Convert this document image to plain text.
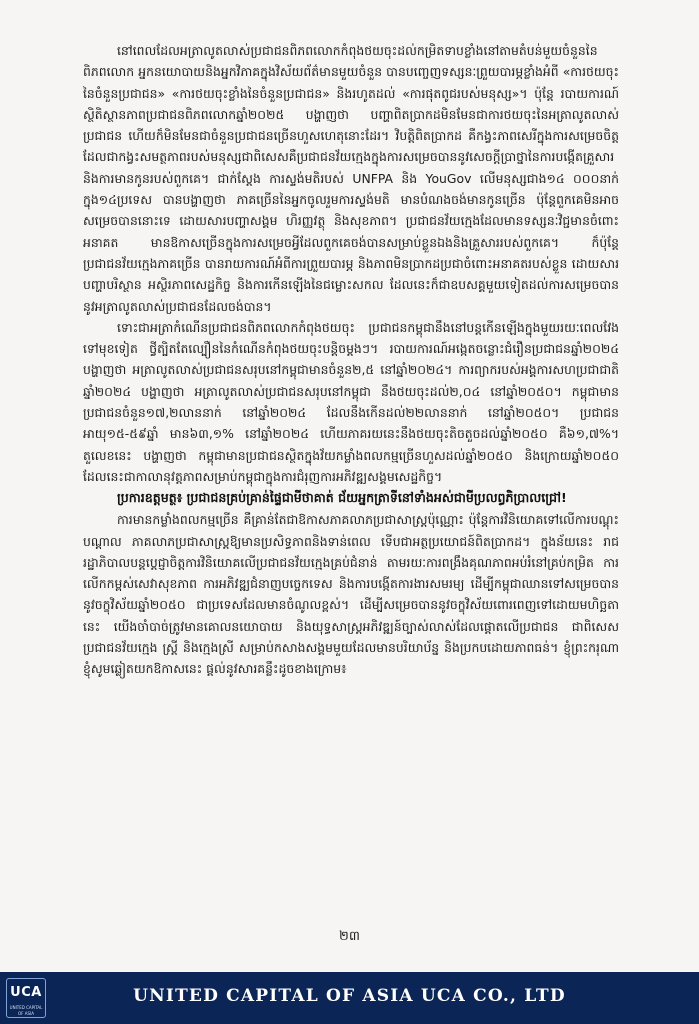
នៅពេលដែលអត្រាលូតលាស់ប្រជាជនពិភពលោកកំពុងថយចុះដល់កម្រិតទាបខ្លាំងនៅតាមតំបន់មួយចំនួននៃពិភពលោក អ្នកនយោបាយនិងអ្នកវិភាគក្នុងវិស័យព័ត៌មានមួយចំនួន បានបញ្ចេញទស្សនៈព្រួយបារម្ភខ្លាំងអំពី «ការថយចុះនៃចំនួនប្រជាជន» «ការថយចុះខ្លាំងនៃចំនួនប្រជាជន» និងរហូតដល់ «ការផុតពូជរបស់មនុស្ស»។ ប៉ុន្តែ របាយការណ៍ស្ថិតិស្ថានភាពប្រជាជនពិភពលោកឆ្នាំ២០២៥ បង្ហាញថា បញ្ហាពិតប្រាកដមិនមែនជាការថយចុះនៃអត្រាលូតលាស់ប្រជាជន ហើយក៏មិនមែនជាចំនួនប្រជាជនច្រើនហួសហេតុនោះដែរ។ វិបត្តិពិតប្រាកដ គឺកង្វះភាពសេរីក្នុងការសម្រេចចិត្ត ដែលជាកង្វះសមត្ថភាពរបស់មនុស្សជាពិសេសគឺប្រជាជនវ័យក្មេងក្នុងការសម្រេចបាននូវសេចក្តីប្រាថ្នានៃការបង្កើតគ្រួសារ និងការមានកូនរបស់ពួកគេ។ ជាក់ស្តែង ការស្ទង់មតិរបស់ UNFPA និង YouGov លើមនុស្សជាង១៤ ០០០នាក់ ក្នុង១៤ប្រទេស បានបង្ហាញថា ភាគច្រើននៃអ្នកចូលរួមការស្ទង់មតិ មានបំណងចង់មានកូនច្រើន ប៉ុន្តែពួកគេមិនអាចសម្រេចបាននោះទេ ដោយសារបញ្ហាសង្គម ហិរញ្ញវត្ថុ និងសុខភាព។ ប្រជាជនវ័យក្មេងដែលមានទស្សនៈវិជ្ជមានចំពោះអនាគត មានឱកាសច្រើនក្នុងការសម្រេចអ្វីដែលពួកគេចង់បានសម្រាប់ខ្លួនឯងនិងគ្រួសាររបស់ពួកគេ។ ក៏ប៉ុន្តែ ប្រជាជនវ័យក្មេងភាគច្រើន បានរាយការណ៍អំពីការព្រួយបារម្ភ និងភាពមិនប្រាកដប្រជាចំពោះអនាគតរបស់ខ្លួន ដោយសារបញ្ហាបរិស្ថាន អស្ថិរភាពសេដ្ឋកិច្ច និងការកើនឡើងនៃជម្លោះសកល ដែលនេះក៏ជាឧបសគ្គមួយទៀតដល់ការសម្រេចបាននូវអត្រាលូតលាស់ប្រជាជនដែលចង់បាន។

ទោះជាអត្រាកំណើនប្រជាជនពិភពលោកកំពុងថយចុះ ប្រជាជនកម្ពុជានឹងនៅបន្តកើនឡើងក្នុងមួយរយៈពេលវែងទៅមុខទៀត ថ្វីត្បិតតែល្បឿននៃកំណើនកំពុងថយចុះបន្តិចម្តងៗ។ របាយការណ៍អង្កេតចន្លោះជំរឿនប្រជាជនឆ្នាំ២០២៤ បង្ហាញថា អត្រាលូតលាស់ប្រជាជនសរុបនៅកម្ពុជាមានចំនួន២,៥ នៅឆ្នាំ២០២៤។ ការព្យាករបស់អង្គការសហប្រជាជាតិឆ្នាំ២០២៤ បង្ហាញថា អត្រាលូតលាស់ប្រជាជនសរុបនៅកម្ពុជា នឹងថយចុះដល់២,០៤ នៅឆ្នាំ២០៥០។ កម្ពុជាមានប្រជាជនចំនួន១៧,២លាននាក់ នៅឆ្នាំ២០២៤ ដែលនឹងកើនដល់២២លាននាក់ នៅឆ្នាំ២០៥០។ ប្រជាជនអាយុ១៥-៥៩ឆ្នាំ មាន៦៣,១% នៅឆ្នាំ២០២៤ ហើយភាគរយនេះនឹងថយចុះតិចតួចដល់ឆ្នាំ២០៥០ គឺ៦១,៧%។ តួលេខនេះ បង្ហាញថា កម្ពុជាមានប្រជាជនស្ថិតក្នុងវ័យកម្លាំងពលកម្មច្រើនហួសដល់ឆ្នាំ២០៥០ និងក្រោយឆ្នាំ២០៥០ ដែលនេះជាកាលានុវត្តភាពសម្រាប់កម្ពុជាក្នុងការជំរុញការអភិវឌ្ឍសង្គមសេដ្ឋកិច្ច។

ប្រការឧត្តមត្ថ៖ ប្រជាជនគ្រប់គ្រាន់ផ្ទៃជាមីថាគាត់ ជ័យអ្នកត្រាទីនៅទាំងអស់ជាមីប្រលព្ធភិប្រាលជ្រៅ!

ការមានកម្លាំងពលកម្មច្រើន គឺគ្រាន់តែជាឱកាសភាគលាភប្រជាសាស្ត្រប៉ុណ្ណោះ ប៉ុន្តែការវិនិយោគទៅលើការបណ្តុះបណ្តាល ភាគលាភប្រជាសាស្ត្រឱ្យមានប្រសិទ្ធភាពនិងទាន់ពេល ទើបជាអត្ថប្រយោជន៍ពិតប្រាកដ។ ក្នុងន័យនេះ រាជរដ្ឋាភិបាលបន្តប្តេជ្ញាចិត្តការវិនិយោគលើប្រជាជនវ័យក្មេងគ្រប់ជំនាន់ តាមរយៈការពង្រឹងគុណភាពអប់រំនៅគ្រប់កម្រិត ការលើកកម្ពស់សេវាសុខភាព ការអភិវឌ្ឍជំនាញបច្ចេកទេស និងការបង្កើតការងារសមរម្យ ដើម្បីកម្ពុជាឈានទៅសម្រេចបាននូវចក្ខុវិស័យឆ្នាំ២០៥០ ជាប្រទេសដែលមានចំណូលខ្ពស់។ ដើម្បីសម្រេចបាននូវចក្ខុវិស័យពោរពេញទៅដោយមហិច្ឆតានេះ យើងចាំបាច់ត្រូវមានគោលនយោបាយ និងយុទ្ធសាស្ត្រអភិវឌ្ឍន៍ច្បាស់លាស់ដែលផ្តោតលើប្រជាជន ជាពិសេសប្រជាជនវ័យក្មេង ស្ត្រី និងក្មេងស្រី សម្រាប់កសាងសង្គមមួយដែលមានបរិយាប័ន្ន និងប្រកបដោយភាពធន់។ ខ្ញុំព្រះករុណា ខ្ញុំសូមឆ្លៀតយកឱកាសនេះ ផ្តល់នូវសារគន្លឹះដូចខាងក្រោម៖

២៣
UCA
UNITED CAPITAL OF ASIA
UNITED CAPITAL OF ASIA UCA CO., LTD
